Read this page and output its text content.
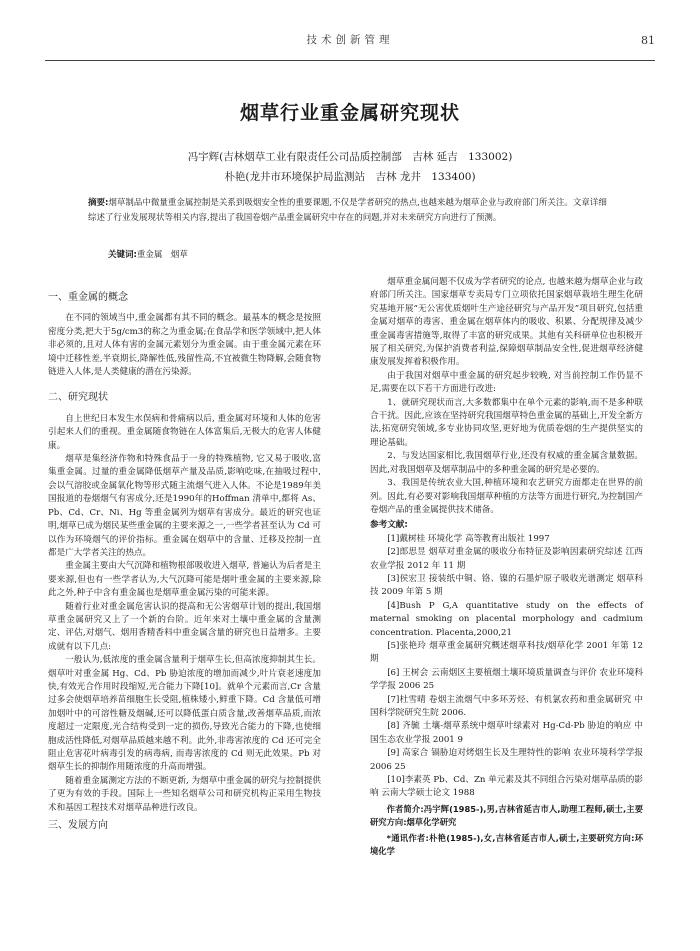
技术创新管理	81
烟草行业重金属研究现状
冯宇辉(吉林烟草工业有限责任公司品质控制部　吉林 延吉　133002)
朴艳(龙井市环境保护局监测站　吉林 龙井　133400)
摘要:烟草制品中微量重金属控制是关系到吸烟安全性的重要课题,不仅是学者研究的热点,也越来越为烟草企业与政府部门所关注。文章详细综述了行业发展现状等相关内容,提出了我国卷烟产品重金属研究中存在的问题,并对未来研究方向进行了预测。
关键词:重金属　烟草
一、重金属的概念

在不同的领域当中,重金属都有其不同的概念。最基本的概念是按照密度分类,把大于5g/cm3的称之为重金属;在食品学和医学领域中,把人体非必须的,且对人体有害的金属元素划分为重金属。由于重金属元素在环境中迁移性差,半衰期长,降解性低,残留性高,不宜被微生物降解,会随食物链进入人体,是人类健康的潜在污染源。

二、研究现状

自上世纪日本发生水俣病和骨痛病以后, 重金属对环境和人体的危害引起来人们的重视。重金属随食物链在人体富集后,无极大的危害人体健康。

烟草是集经济作物和特殊食品于一身的特殊植物, 它又易于吸收,富集重金属。过量的重金属降低烟草产量及品质,影响吃味,在抽吸过程中,会以气溶胶或金属氧化物等形式随主流烟气进入人体。不论是1989年美国报道的卷烟烟气有害成分,还是1990年的Hoffman 清单中,都将 As、Pb、Cd、Cr、Ni、Hg 等重金属列为烟草有害成分。最近的研究也证明,烟草已成为烟民某些重金属的主要来源之一,一些学者甚至认为 Cd 可以作为环境烟气的评价指标。重金属在烟草中的含量、迁移及控制一直都是广大学者关注的热点。

重金属主要由大气沉降和植物根部吸收进入烟草, 普遍认为后者是主要来源,但也有一些学者认为,大气沉降可能是烟叶重金属的主要来源,除此之外,种子中含有重金属也是烟草重金属污染的可能来源。

随着行业对重金属危害认识的提高和无公害烟草计划的提出,我国烟草重金属研究又上了一个新的台阶。近年来对土壤中重金属的含量测定、评估,对烟气、烟用香精香料中重金属含量的研究也日益增多。主要成就有以下几点:

一般认为,低浓度的重金属含量利于烟草生长,但高浓度抑制其生长。烟草叶对重金属 Hg、Cd、Pb 胁迫浓度的增加而减少,叶片衰老速度加快,有效光合作用时段缩短,光合能力下降[10]。就单个元素而言,Cr 含量过多会使烟草培养苗细胞生长受阻,植株矮小,鲜重下降。Cd 含量低可增加烟叶中的可溶性糖及烟碱,还可以降低蛋白质含量,改善烟草品质,而浓度超过一定限度,光合结构受到一定的损伤,导致光合能力的下降,也使细胞成活性降低,对烟草品质越来越不利。此外,非毒害浓度的 Cd 还可完全阻止危害花叶病毒引发的病毒病, 而毒害浓度的 Cd 则无此效果。Pb 对烟草生长的抑制作用随浓度的升高而增强。

随着重金属测定方法的不断更新, 为烟草中重金属的研究与控制提供了更为有效的手段。国际上一些知名烟草公司和研究机构正采用生物技术和基因工程技术对烟草品种进行改良。

三、发展方向

烟草重金属问题不仅成为学者研究的论点, 也越来越为烟草企业与政府部门所关注。国家烟草专卖局专门立项依托国家烟草栽培生理生化研究基地开展“无公害优质烟叶生产途径研究与产品开发”项目研究,包括重金属对烟草的毒害、重金属在烟草体内的吸收、积累、分配规律及减少重金属毒害措施等,取得了丰富的研究成果。其他有关科研单位也积极开展了相关研究,为保护消费者利益,保障烟草制品安全性,促进烟草经济健康发展发挥着积极作用。

由于我国对烟草中重金属的研究起步较晚, 对当前控制工作仍显不足,需要在以下若干方面进行改进:

1、就研究现状而言,大多数都集中在单个元素的影响,而不是多种联合干扰。因此,应该在坚持研究我国烟草特色重金属的基础上,开发全新方法,拓宽研究领域,多专业协同攻坚,更好地为优质卷烟的生产提供坚实的理论基础。

2、与发达国家相比,我国烟草行业,还没有权威的重金属含量数据。因此,对我国烟草及烟草制品中的多种重金属的研究是必要的。

3、我国是传统农业大国,种植环境和农艺研究方面都走在世界的前列。因此,有必要对影响我国烟草种植的方法等方面进行研究,为控制国产卷烟产品的重金属提供技术储备。

参考文献:

[1]戴树桂 环境化学 高等教育出版社 1997

[2]郎思昱 烟草对重金属的吸收分布特征及影响因素研究综述 江西农业学报 2012 年 11 期

[3]侯宏卫 接装纸中铜、铬、镍的石墨炉原子吸收光谱测定 烟草科技 2009 年第 5 期

[4]Bush P G,A quantitative study on the effects of maternal smoking on placental morphology and cadmium concentration. Placenta,2000,21

[5]张艳玲 烟草重金属研究概述烟草科技/烟草化学 2001 年第 12 期

[6] 王树会 云南烟区主要植烟土壤环境质量调查与评价 农业环境科学学报 2006 25

[7]杜雪晴 卷烟主流烟气中多环芳烃、有机氯农药和重金属研究 中国科学院研究生院 2006.

[8] 齐毓 土壤-烟草系统中烟草叶绿素对 Hg-Cd-Pb 胁迫的响应 中国生态农业学报 2001 9

[9] 高家合 镉胁迫对烤烟生长及生理特性的影响 农业环境科学学报 2006 25

[10]李素英 Pb、Cd、Zn 单元素及其不同组合污染对烟草品质的影响 云南大学硕士论文 1988

作者简介:冯宇辉(1985-),男,吉林省延吉市人,助理工程师,硕士,主要研究方向:烟草化学研究
*通讯作者:朴艳(1985-),女,吉林省延吉市人,硕士,主要研究方向:环境化学
